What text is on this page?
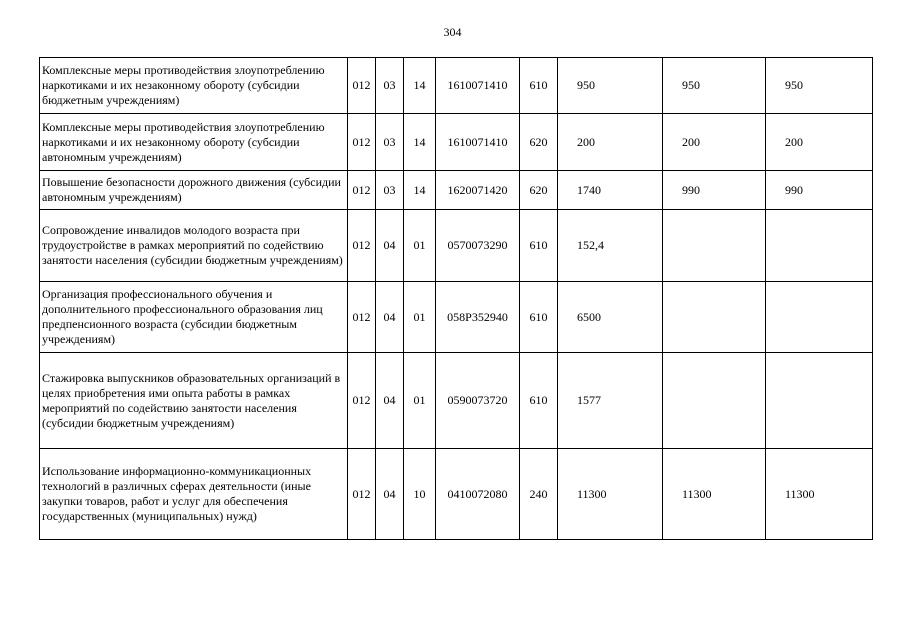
304
Комплексные меры противодействия злоупотреблению наркотиками и их незаконному обороту (субсидии бюджетным учреждениям)	012	03	14	1610071410	610	950	950	950
Комплексные меры противодействия злоупотреблению наркотиками и их незаконному обороту (субсидии автономным учреждениям)	012	03	14	1610071410	620	200	200	200
Повышение безопасности дорожного движения (субсидии автономным учреждениям)	012	03	14	1620071420	620	1740	990	990
Сопровождение инвалидов молодого возраста при трудоустройстве в рамках мероприятий по содействию занятости населения (субсидии бюджетным учреждениям)	012	04	01	0570073290	610	152,4		
Организация профессионального обучения и дополнительного профессионального образования лиц предпенсионного возраста (субсидии бюджетным учреждениям)	012	04	01	058P352940	610	6500		
Стажировка выпускников образовательных организаций в целях приобретения ими опыта работы в рамках мероприятий по содействию занятости населения (субсидии бюджетным учреждениям)	012	04	01	0590073720	610	1577		
Использование информационно-коммуникационных технологий в различных сферах деятельности (иные закупки товаров, работ и услуг для обеспечения государственных (муниципальных) нужд)	012	04	10	0410072080	240	11300	11300	11300
